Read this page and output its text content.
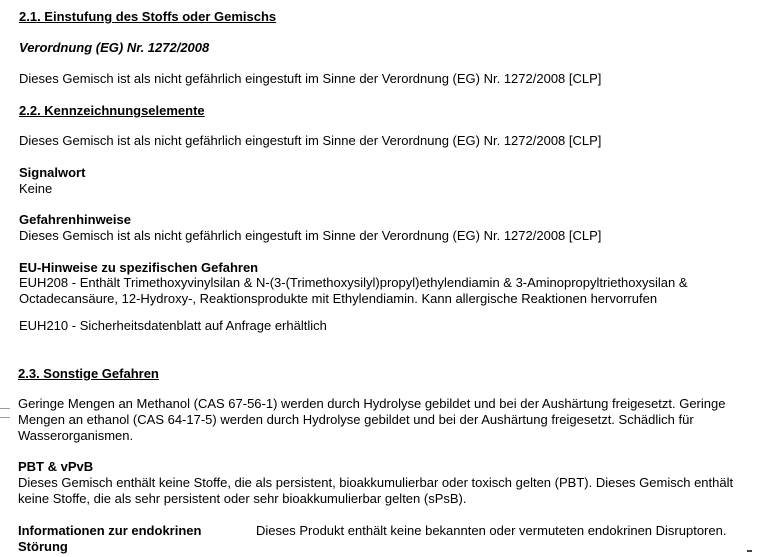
2.1. Einstufung des Stoffs oder Gemischs
Verordnung (EG) Nr. 1272/2008
Dieses Gemisch ist als nicht gefährlich eingestuft im Sinne der Verordnung (EG) Nr. 1272/2008 [CLP]
2.2. Kennzeichnungselemente
Dieses Gemisch ist als nicht gefährlich eingestuft im Sinne der Verordnung (EG) Nr. 1272/2008 [CLP]
Signalwort
Keine
Gefahrenhinweise
Dieses Gemisch ist als nicht gefährlich eingestuft im Sinne der Verordnung (EG) Nr. 1272/2008 [CLP]
EU-Hinweise zu spezifischen Gefahren
EUH208 - Enthält Trimethoxyvinylsilan & N-(3-(Trimethoxysilyl)propyl)ethylendiamin & 3-Aminopropyltriethoxysilan &
Octadecansäure, 12-Hydroxy-, Reaktionsprodukte mit Ethylendiamin. Kann allergische Reaktionen hervorrufen
EUH210 - Sicherheitsdatenblatt auf Anfrage erhältlich
2.3. Sonstige Gefahren
Geringe Mengen an Methanol (CAS 67-56-1) werden durch Hydrolyse gebildet und bei der Aushärtung freigesetzt. Geringe
Mengen an ethanol (CAS 64-17-5) werden durch Hydrolyse gebildet und bei der Aushärtung freigesetzt. Schädlich für
Wasserorganismen.
PBT & vPvB
Dieses Gemisch enthält keine Stoffe, die als persistent, bioakkumulierbar oder toxisch gelten (PBT). Dieses Gemisch enthält
keine Stoffe, die als sehr persistent oder sehr bioakkumulierbar gelten (sPsB).
Informationen zur endokrinen
Störung
Dieses Produkt enthält keine bekannten oder vermuteten endokrinen Disruptoren.
